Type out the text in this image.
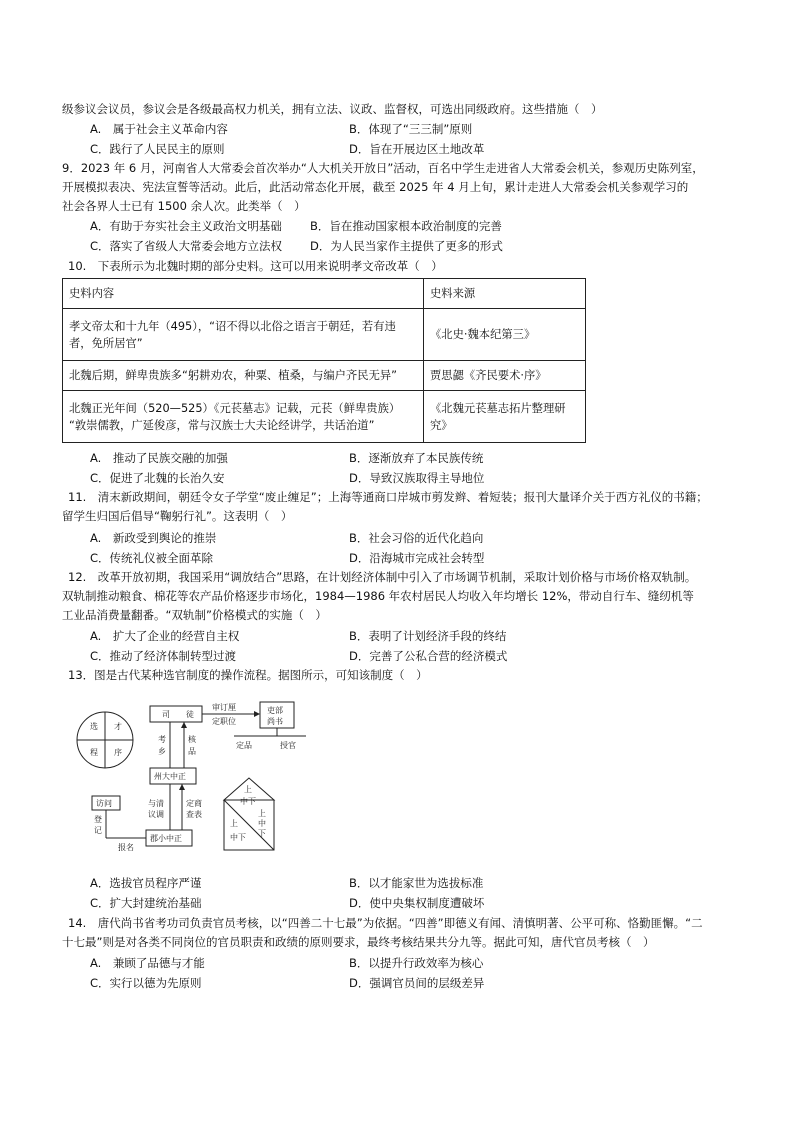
级参议会议员，参议会是各级最高权力机关，拥有立法、议政、监督权，可选出同级政府。这些措施（　）
A.　属于社会主义革命内容	B．体现了“三三制”原则
C．践行了人民民主的原则	D．旨在开展边区土地改革
9．2023 年 6 月，河南省人大常委会首次举办“人大机关开放日”活动，百名中学生走进省人大常委会机关，参观历史陈列室，
开展模拟表决、宪法宣誓等活动。此后，此活动常态化开展，截至 2025 年 4 月上旬，累计走进人大常委会机关参观学习的
社会各界人士已有 1500 余人次。此类举（　）
A．有助于夯实社会主义政治文明基础 B．旨在推动国家根本政治制度的完善
C．落实了省级人大常委会地方立法权 D．为人民当家作主提供了更多的形式
10.　下表所示为北魏时期的部分史料。这可以用来说明孝文帝改革（　）
史料内容	史料来源
孝文帝太和十九年（495），“诏不得以北俗之语言于朝廷，若有违
者，免所居官”	《北史·魏本纪第三》
北魏后期，鲜卑贵族多“躬耕劝农，种粟、植桑，与编户齐民无异”	贾思勰《齐民要术·序》
北魏正光年间（520—525）《元苌墓志》记载，元苌（鲜卑贵族）
“敦崇儒教，广延俊彦，常与汉族士大夫论经讲学，共话治道”	《北魏元苌墓志拓片整理研
究》
A.　推动了民族交融的加强	B．逐渐放弃了本民族传统
C．促进了北魏的长治久安	D．导致汉族取得主导地位
11.　清末新政期间，朝廷令女子学堂“废止缠足”；上海等通商口岸城市剪发辫、着短装；报刊大量译介关于西方礼仪的书籍；
留学生归国后倡导“鞠躬行礼”。这表明（　）
A.　新政受到舆论的推崇	B．社会习俗的近代化趋向
C．传统礼仪被全面革除	D．沿海城市完成社会转型
12.　改革开放初期，我国采用“调放结合”思路，在计划经济体制中引入了市场调节机制，采取计划价格与市场价格双轨制。
双轨制推动粮食、棉花等农产品价格逐步市场化，1984—1986 年农村居民人均收入年均增长 12%，带动自行车、缝纫机等
工业品消费量翻番。“双轨制”价格模式的实施（　）
A.　扩大了企业的经营自主权	B．表明了计划经济手段的终结
C．推动了经济体制转型过渡	D．完善了公私合营的经济模式
13．图是古代某种选官制度的操作流程。据图所示，可知该制度（　）
选 才
程 序
司　　徒
审订厘
定职位
吏部
尚书
定品	授官
考
乡
核
品
州大中正
与清
议调
定商
查表
访问
登
记
报名
郡小中正
上
中下
上
中
下
上
中下
A．选拔官员程序严谨	B．以才能家世为选拔标准
C．扩大封建统治基础	D．使中央集权制度遭破坏
14.　唐代尚书省考功司负责官员考核，以“四善二十七最”为依据。“四善”即德义有闻、清慎明著、公平可称、恪勤匪懈。“二
十七最”则是对各类不同岗位的官员职责和政绩的原则要求，最终考核结果共分九等。据此可知，唐代官员考核（　）
A.　兼顾了品德与才能	B．以提升行政效率为核心
C．实行以德为先原则	D．强调官员间的层级差异
